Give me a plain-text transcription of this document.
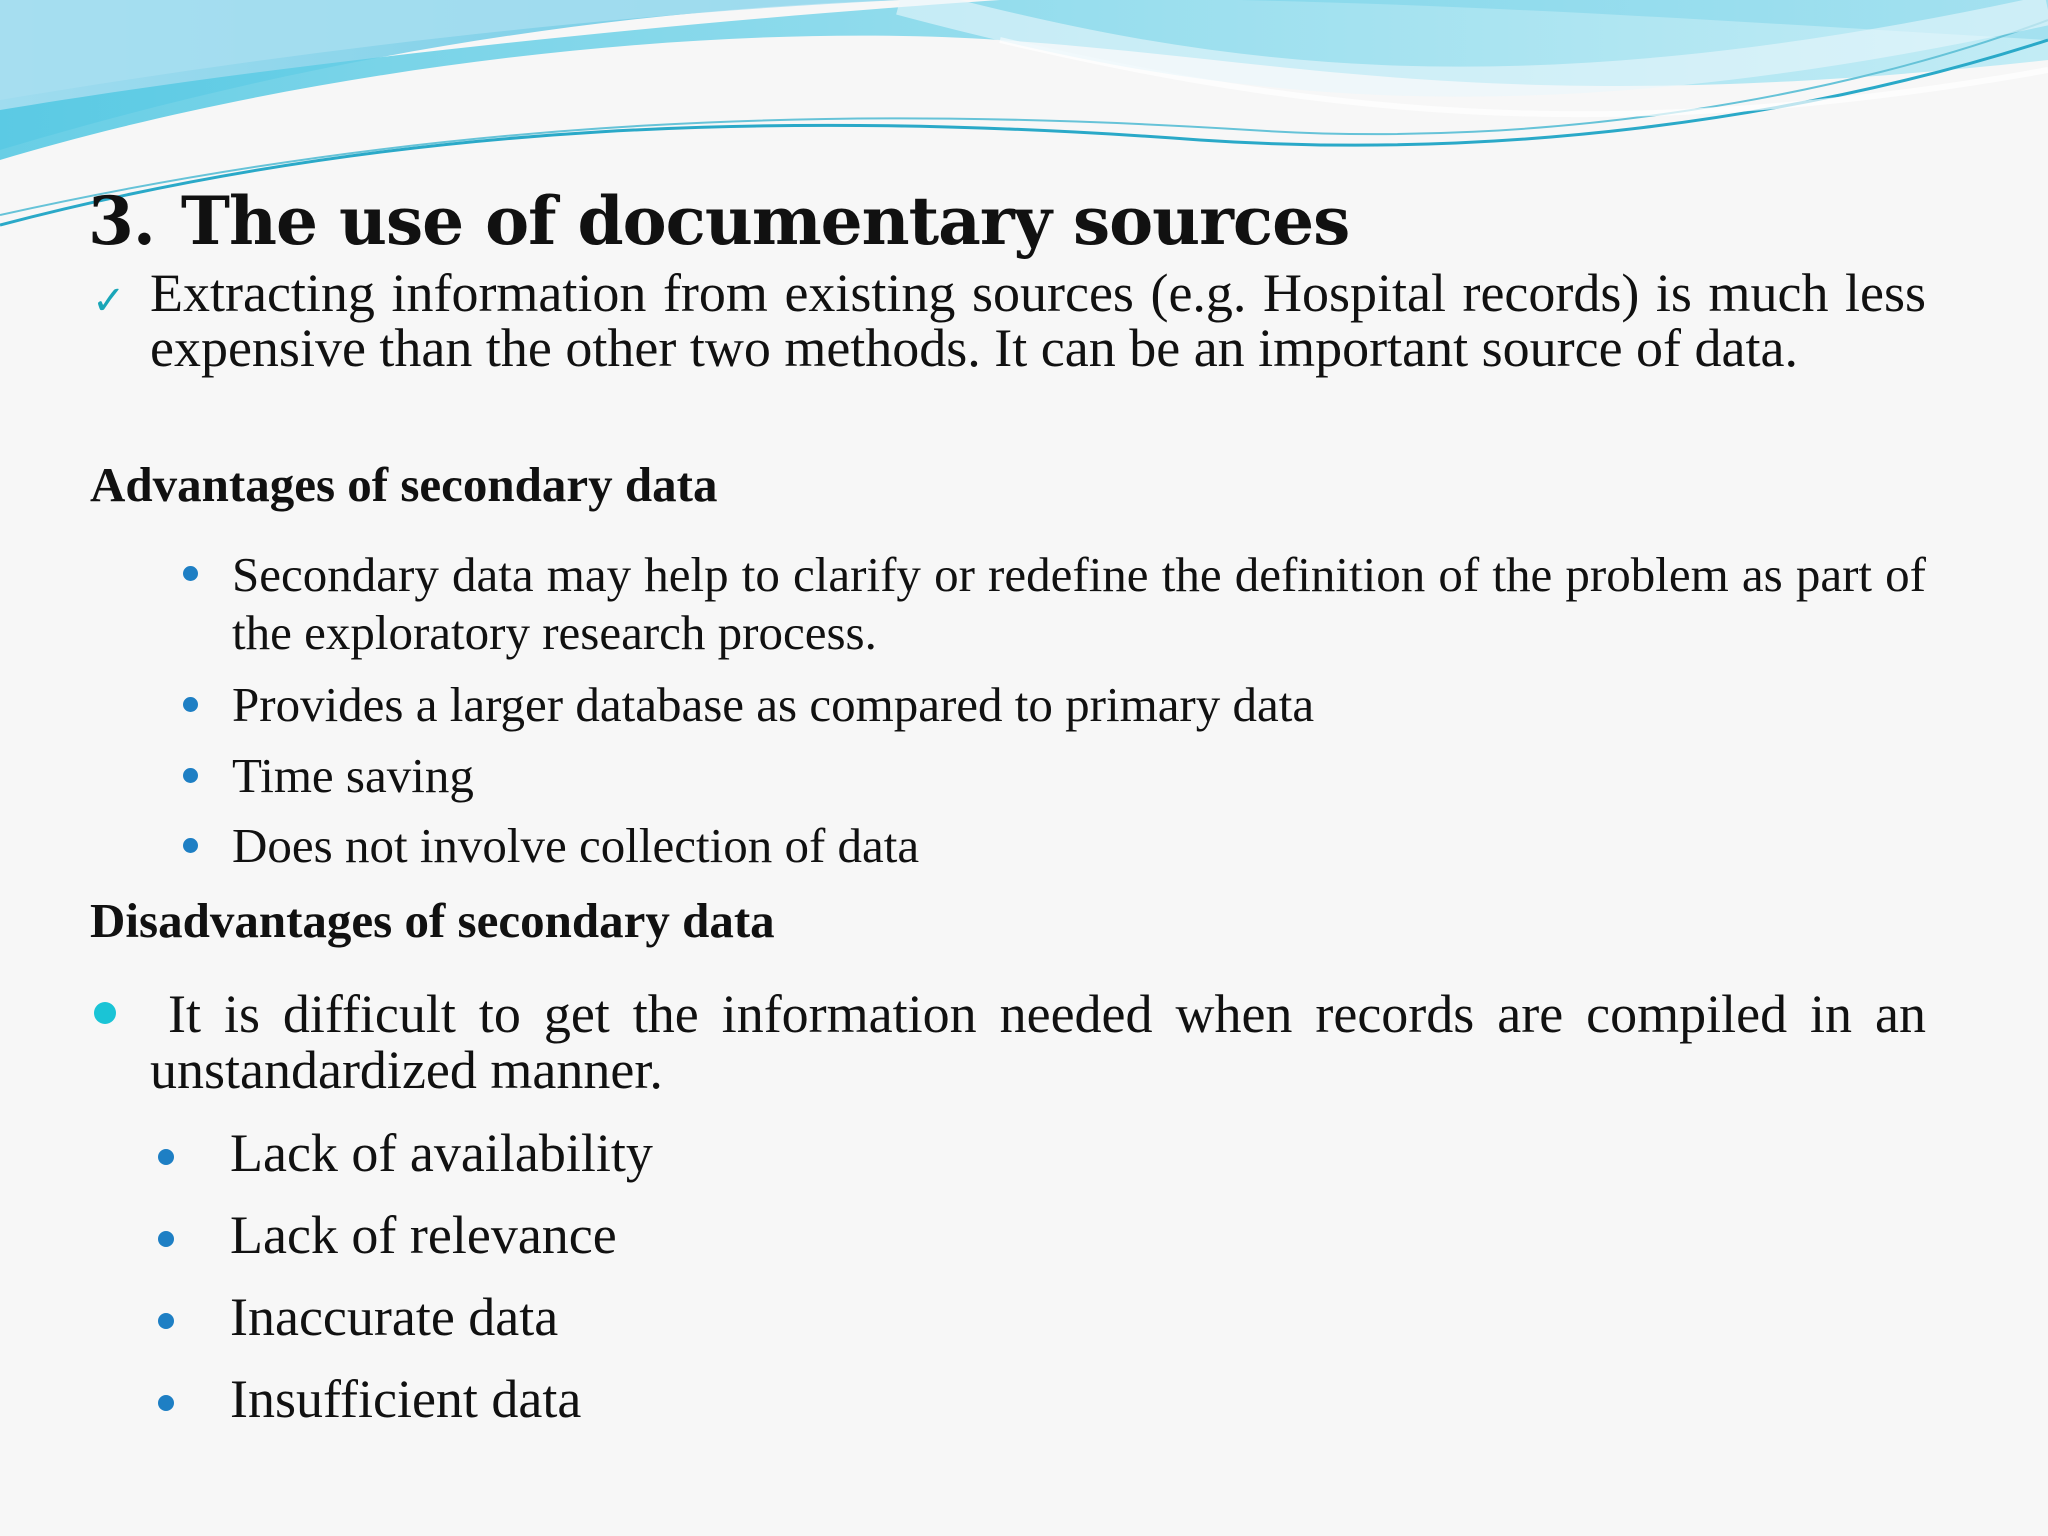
3. The use of documentary sources
✓ Extracting information from existing sources (e.g. Hospital records) is much less expensive than the other two methods. It can be an important source of data.
Advantages of secondary data
Secondary data may help to clarify or redefine the definition of the problem as part of the exploratory research process.
Provides a larger database as compared to primary data
Time saving
Does not involve collection of data
Disadvantages of secondary data
It is difficult to get the information needed when records are compiled in an unstandardized manner.
Lack of availability
Lack of relevance
Inaccurate data
Insufficient data
